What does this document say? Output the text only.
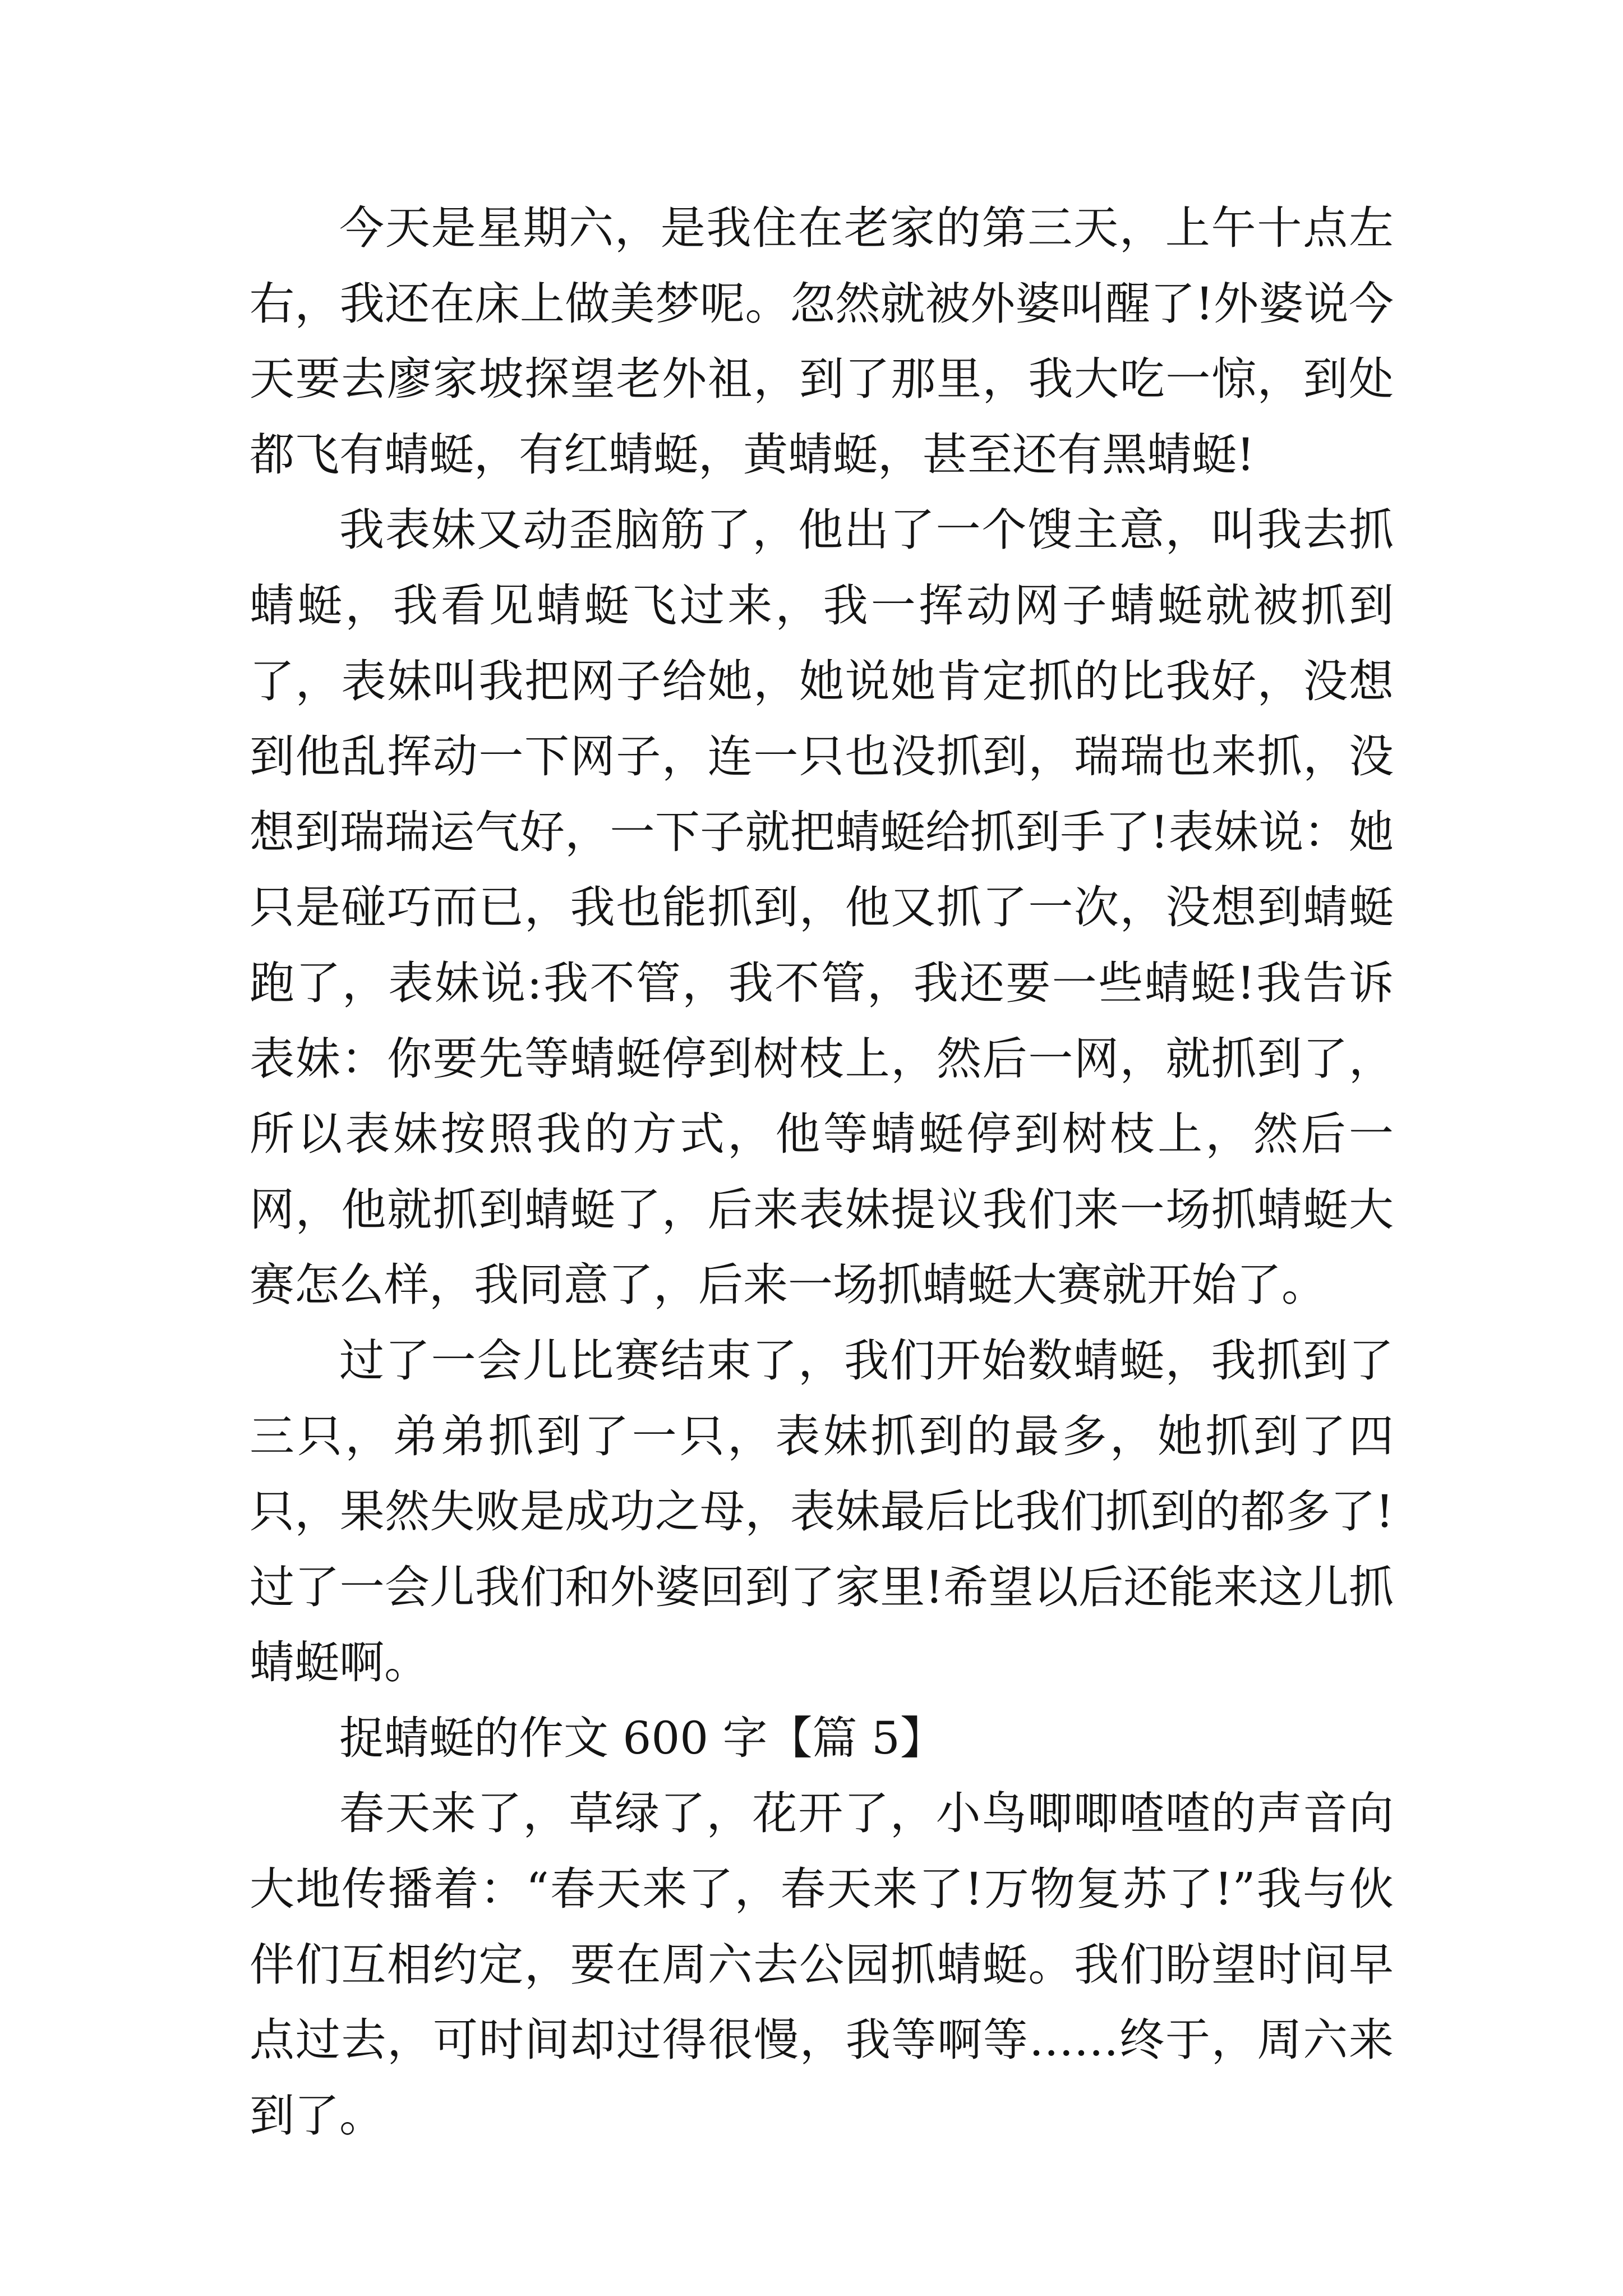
今天是星期六，是我住在老家的第三天，上午十点左右，我还在床上做美梦呢。忽然就被外婆叫醒了!外婆说今天要去廖家坡探望老外祖，到了那里，我大吃一惊，到处都飞有蜻蜓，有红蜻蜓，黄蜻蜓，甚至还有黑蜻蜓!

我表妹又动歪脑筋了，他出了一个馊主意，叫我去抓蜻蜓，我看见蜻蜓飞过来，我一挥动网子蜻蜓就被抓到了，表妹叫我把网子给她，她说她肯定抓的比我好，没想到他乱挥动一下网子，连一只也没抓到，瑞瑞也来抓，没想到瑞瑞运气好，一下子就把蜻蜓给抓到手了!表妹说：她只是碰巧而已，我也能抓到，他又抓了一次，没想到蜻蜓跑了，表妹说:我不管，我不管，我还要一些蜻蜓!我告诉表妹：你要先等蜻蜓停到树枝上，然后一网，就抓到了，所以表妹按照我的方式，他等蜻蜓停到树枝上，然后一网，他就抓到蜻蜓了，后来表妹提议我们来一场抓蜻蜓大赛怎么样，我同意了，后来一场抓蜻蜓大赛就开始了。

过了一会儿比赛结束了，我们开始数蜻蜓，我抓到了三只，弟弟抓到了一只，表妹抓到的最多，她抓到了四只，果然失败是成功之母，表妹最后比我们抓到的都多了!过了一会儿我们和外婆回到了家里!希望以后还能来这儿抓蜻蜓啊。

捉蜻蜓的作文 600 字【篇 5】

春天来了，草绿了，花开了，小鸟唧唧喳喳的声音向大地传播着：“春天来了，春天来了!万物复苏了!”我与伙伴们互相约定，要在周六去公园抓蜻蜓。我们盼望时间早点过去，可时间却过得很慢，我等啊等……终于，周六来到了。
